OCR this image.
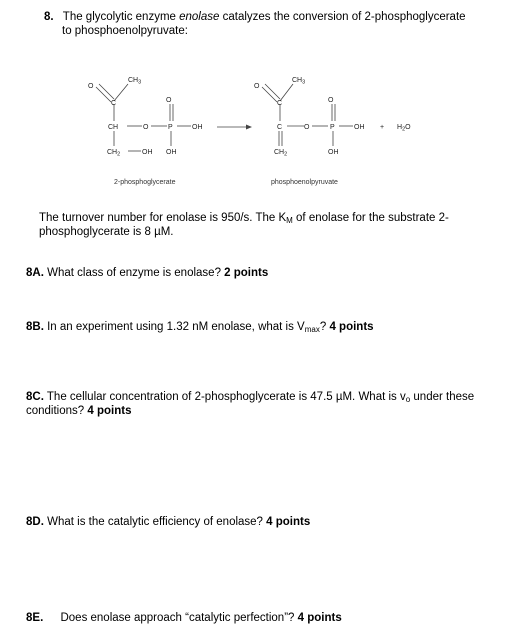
8. The glycolytic enzyme enolase catalyzes the conversion of 2-phosphoglycerate
to phosphoenolpyruvate:
O
$CH_3$
C	O
CH	O	P	OH
$CH_2$	OH OH
O
$CH_3$
C	O
C	O	P	OH
$CH_2$	OH
+ $H_2O$
2-phosphoglycerate	phosphoenolpyruvate
The turnover number for enolase is 950/s. The $K_M$ of enolase for the substrate 2-
phosphoglycerate is 8 µM.
8A. What class of enzyme is enolase? 2 points
8B. In an experiment using 1.32 nM enolase, what is $V_{max}$? 4 points
8C. The cellular concentration of 2-phosphoglycerate is 47.5 µM. What is $v_o$ under these
conditions? 4 points
8D. What is the catalytic efficiency of enolase? 4 points
8E. Does enolase approach “catalytic perfection”? 4 points
